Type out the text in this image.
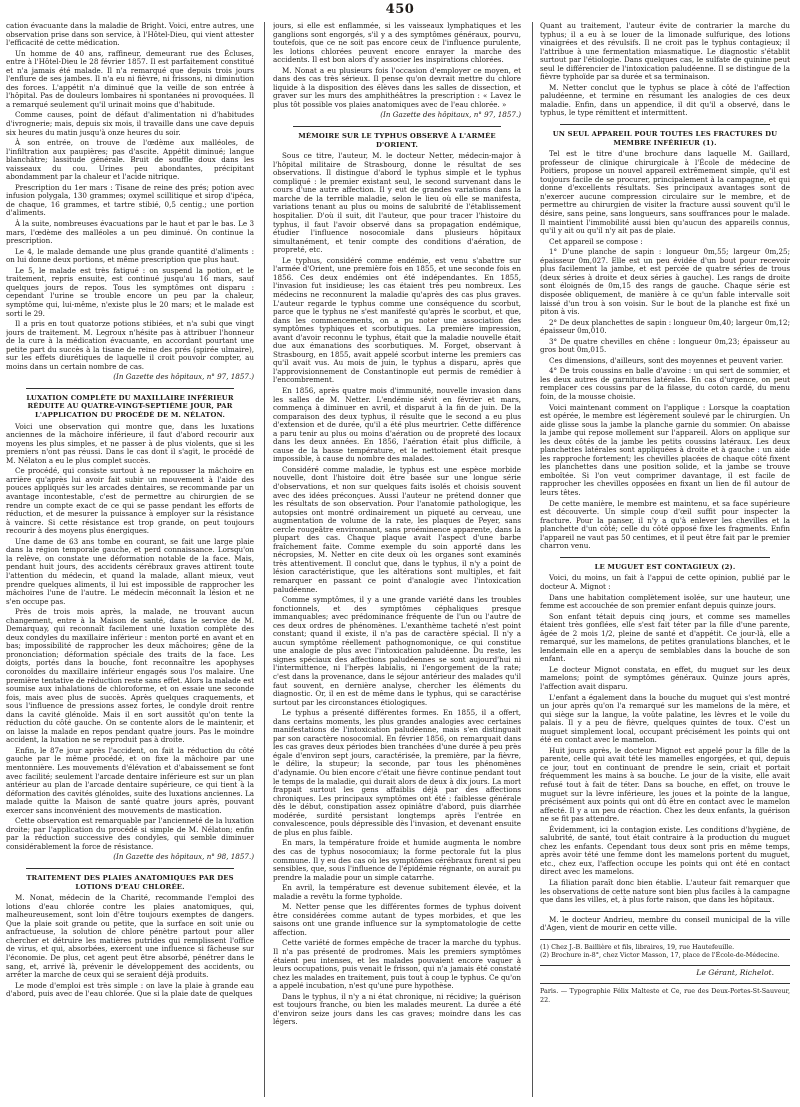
450

cation évacuante dans la maladie de Bright. Voici, entre autres, une observation prise dans son service, à l'Hôtel-Dieu, qui vient attester l'efficacité de cette médication.

Un homme de 40 ans, raffineur, demeurant rue des Écluses, entre à l'Hôtel-Dieu le 28 février 1857. Il est parfaitement constitué et n'a jamais été malade. Il n'a remarqué que depuis trois jours l'enflure de ses jambes. Il n'a eu ni fièvre, ni frissons, ni diminution des forces. L'appétit n'a diminué que la veille de son entrée à l'hôpital. Pas de douleurs lombaires ni spontanées ni provoquées. Il a remarqué seulement qu'il urinait moins que d'habitude.

Comme causes, point de défaut d'alimentation ni d'habitudes d'ivrognerie; mais, depuis six mois, il travaille dans une cave depuis six heures du matin jusqu'à onze heures du soir.

À son entrée, on trouve de l'œdème aux malléoles, de l'infiltration aux paupières; pas d'ascite. Appétit diminué; langue blanchâtre; lassitude générale. Bruit de souffle doux dans les vaisseaux du cou. Urines peu abondantes, précipitant abondamment par la chaleur et l'acide nitrique.

Prescription du 1er mars : Tisane de reine des prés; potion avec infusion polygala, 130 grammes; oxymel scillitique et sirop d'ipéca, de chaque, 16 grammes, et tartre stibié, 0,5 centig.; une portion d'aliments.

À la suite, nombreuses évacuations par le haut et par le bas. Le 3 mars, l'œdème des malléoles a un peu diminué. On continue la prescription.

Le 4, le malade demande une plus grande quantité d'aliments : on lui donne deux portions, et même prescription que plus haut.

Le 5, le malade est très fatigué : on suspend la potion, et le traitement, repris ensuite, est continué jusqu'au 16 mars, sauf quelques jours de repos. Tous les symptômes ont disparu : cependant l'urine se trouble encore un peu par la chaleur, symptôme qui, lui-même, n'existe plus le 20 mars; et le malade est sorti le 29.

Il a pris en tout quatorze potions stibiées, et n'a subi que vingt jours de traitement. M. Legroux n'hésite pas à attribuer l'honneur de la cure à la médication évacuante, en accordant pourtant une petite part du succès à la tisane de reine des prés (spirée ulmaire), sur les effets diurétiques de laquelle il croit pouvoir compter, au moins dans un certain nombre de cas.

(In Gazette des hôpitaux, n° 97, 1857.)

LUXATION COMPLÈTE DU MAXILLAIRE INFÉRIEUR RÉDUITE AU QUATRE-VINGT-SEPTIÈME JOUR, PAR L'APPLICATION DU PROCÉDÉ DE M. NÉLATON.

Voici une observation qui montre que, dans les luxations anciennes de la mâchoire inférieure, il faut d'abord recourir aux moyens les plus simples, et ne passer à de plus violents, que si les premiers n'ont pas réussi. Dans le cas dont il s'agit, le procédé de M. Nélaton a eu le plus complet succès.

Ce procédé, qui consiste surtout à ne repousser la mâchoire en arrière qu'après lui avoir fait subir un mouvement à l'aide des pouces appliqués sur les arcades dentaires, se recommande par un avantage incontestable, c'est de permettre au chirurgien de se rendre un compte exact de ce qui se passe pendant les efforts de réduction, et de mesurer la puissance à employer sur la résistance à vaincre. Si cette résistance est trop grande, on peut toujours recourir à des moyens plus énergiques.

Une dame de 63 ans tombe en courant, se fait une large plaie dans la région temporale gauche, et perd connaissance. Lorsqu'on la relève, on constate une déformation notable de la face. Mais, pendant huit jours, des accidents cérébraux graves attirent toute l'attention du médecin, et quand la malade, allant mieux, veut prendre quelques aliments, il lui est impossible de rapprocher les mâchoires l'une de l'autre. Le médecin méconnaît la lésion et ne s'en occupe pas.

Près de trois mois après, la malade, ne trouvant aucun changement, entre à la Maison de santé, dans le service de M. Demarquay, qui reconnaît facilement une luxation complète des deux condyles du maxillaire inférieur : menton porté en avant et en bas; impossibilité de rapprocher les deux mâchoires; gêne de la prononciation; déformation spéciale des traits de la face. Les doigts, portés dans la bouche, font reconnaître les apophyses coronoïdes du maxillaire inférieur engagés sous l'os malaire. Une première tentative de réduction reste sans effet. Alors la malade est soumise aux inhalations de chloroforme, et on essaie une seconde fois, mais avec plus de succès. Après quelques craquements, et sous l'influence de pressions assez fortes, le condyle droit rentre dans la cavité glénoïde. Mais il en sort aussitôt qu'on tente la réduction du côté gauche. On se contente alors de le maintenir, et on laisse la malade en repos pendant quatre jours. Pas le moindre accident, la luxation ne se reproduit pas à droite.

Enfin, le 87e jour après l'accident, on fait la réduction du côté gauche par le même procédé, et on fixe la mâchoire par une mentonnière. Les mouvements d'élévation et d'abaissement se font avec facilité; seulement l'arcade dentaire inférieure est sur un plan antérieur au plan de l'arcade dentaire supérieure, ce qui tient à la déformation des cavités glénoïdes, suite des luxations anciennes. La malade quitte la Maison de santé quatre jours après, pouvant exercer sans inconvénient des mouvements de mastication.

Cette observation est remarquable par l'ancienneté de la luxation droite; par l'application du procédé si simple de M. Nélaton; enfin par la réduction successive des condyles, qui semble diminuer considérablement la force de résistance.

(In Gazette des hôpitaux, n° 98, 1857.)

TRAITEMENT DES PLAIES ANATOMIQUES PAR DES LOTIONS D'EAU CHLORÉE.

M. Nonat, médecin de la Charité, recommande l'emploi des lotions d'eau chlorée contre les plaies anatomiques, qui, malheureusement, sont loin d'être toujours exemptes de dangers. Que la plaie soit grande ou petite, que la surface en soit unie ou anfractueuse, la solution de chlore pénètre partout pour aller chercher et détruire les matières putrides qui remplissent l'office de virus, et qui, absorbées, exercent une influence si fâcheuse sur l'économie. De plus, cet agent peut être absorbé, pénétrer dans le sang, et, arrivé là, prévenir le développement des accidents, ou arrêter la marche de ceux qui se seraient déjà produits.

Le mode d'emploi est très simple : on lave la plaie à grande eau d'abord, puis avec de l'eau chlorée. Que si la plaie date de quelques

jours, si elle est enflammée, si les vaisseaux lymphatiques et les ganglions sont engorgés, s'il y a des symptômes généraux, pourvu, toutefois, que ce ne soit pas encore ceux de l'influence purulente, les lotions chlorées peuvent encore enrayer la marche des accidents. Il est bon alors d'y associer les inspirations chlorées.

M. Nonat a eu plusieurs fois l'occasion d'employer ce moyen, et dans des cas très sérieux. Il pense qu'on devrait mettre du chlore liquide à la disposition des élèves dans les salles de dissection, et graver sur les murs des amphithéâtres la prescription : « Lavez le plus tôt possible vos plaies anatomiques avec de l'eau chlorée. »

(In Gazette des hôpitaux, n° 97, 1857.)

MÉMOIRE SUR LE TYPHUS OBSERVÉ À L'ARMÉE D'ORIENT.

Sous ce titre, l'auteur, M. le docteur Netter, médecin-major à l'hôpital militaire de Strasbourg, donne le résultat de ses observations. Il distingue d'abord le typhus simple et le typhus compliqué : le premier existant seul, le second survenant dans le cours d'une autre affection. Il y eut de grandes variations dans la marche de la terrible maladie, selon le lieu où elle se manifesta, variations tenant au plus ou moins de salubrité de l'établissement hospitalier. D'où il suit, dit l'auteur, que pour tracer l'histoire du typhus, il faut l'avoir observé dans sa propagation endémique, étudier l'influence nosocomiale dans plusieurs hôpitaux simultanément, et tenir compte des conditions d'aération, de propreté, etc.

Le typhus, considéré comme endémie, est venu s'abattre sur l'armée d'Orient, une première fois en 1855, et une seconde fois en 1856. Ces deux endémies ont été indépendantes. En 1855, l'invasion fut insidieuse; les cas étaient très peu nombreux. Les médecins ne reconnurent la maladie qu'après des cas plus graves. L'auteur regarde le typhus comme une conséquence du scorbut, parce que le typhus ne s'est manifesté qu'après le scorbut, et que, dans les commencements, on a pu noter une association des symptômes typhiques et scorbutiques. La première impression, avant d'avoir reconnu le typhus, était que la maladie nouvelle était due aux émanations des scorbutiques. M. Forget, observant à Strasbourg, en 1855, avait appelé scorbut interne les premiers cas qu'il avait vus. Au mois de juin, le typhus a disparu, après que l'approvisionnement de Constantinople eut permis de remédier à l'encombrement.

En 1856, après quatre mois d'immunité, nouvelle invasion dans les salles de M. Netter. L'endémie sévit en février et mars, commença à diminuer en avril, et disparut à la fin de juin. De la comparaison des deux typhus, il résulte que le second a eu plus d'extension et de durée, qu'il a été plus meurtrier. Cette différence a paru tenir au plus ou moins d'aération ou de propreté des locaux dans les deux années. En 1856, l'aération était plus difficile, à cause de la basse température, et le nettoiement était presque impossible, à cause du nombre des malades.

Considéré comme maladie, le typhus est une espèce morbide nouvelle, dont l'histoire doit être basée sur une longue série d'observations, et non sur quelques faits isolés et choisis souvent avec des idées préconçues. Aussi l'auteur ne prétend donner que les résultats de son observation. Pour l'anatomie pathologique, les autopsies ont montré ordinairement un piqueté au cerveau, une augmentation de volume de la rate, les plaques de Peyer, sans cercle rougeâtre environnant, sans proéminence apparente, dans la plupart des cas. Chaque plaque avait l'aspect d'une barbe fraîchement faite. Comme exemple du soin apporté dans les nécropsies, M. Netter en cite deux où les organes sont examinés très attentivement. Il conclut que, dans le typhus, il n'y a point de lésion caractéristique, que les altérations sont multiples, et fait remarquer en passant ce point d'analogie avec l'intoxication paludéenne.

Comme symptômes, il y a une grande variété dans les troubles fonctionnels, et des symptômes céphaliques presque immanquables; avec prédominance fréquente de l'un ou l'autre de ces deux ordres de phénomènes. L'exanthème tacheté n'est point constant; quand il existe, il n'a pas de caractère spécial. Il n'y a aucun symptôme réellement pathognomonique, ce qui constitue une analogie de plus avec l'intoxication paludéenne. Du reste, les signes spéciaux des affections paludéennes se sont aujourd'hui ni l'intermittence, ni l'herpès labialis, ni l'engorgement de la rate; c'est dans la provenance, dans le séjour antérieur des malades qu'il faut souvent, en dernière analyse, chercher les éléments du diagnostic. Or, il en est de même dans le typhus, qui se caractérise surtout par les circonstances étiologiques.

Le typhus a présenté différentes formes. En 1855, il a offert, dans certains moments, les plus grandes analogies avec certaines manifestations de l'intoxication paludéenne, mais s'en distinguait par son caractère nosocomial. En février 1856, on remarquait dans les cas graves deux périodes bien tranchées d'une durée à peu près égale d'environ sept jours, caractérisée, la première, par la fièvre, le délire, la stupeur; la seconde, par tous les phénomènes d'adynamie. Ou bien encore c'était une fièvre continue pendant tout le temps de la maladie, qui durait alors de deux à dix jours. La mort frappait surtout les gens affaiblis déjà par des affections chroniques. Les principaux symptômes ont été : faiblesse générale dès le début, constipation assez opiniâtre d'abord, puis diarrhée modérée, surdité persistant longtemps après l'entrée en convalescence, pouls dépressible dès l'invasion, et devenant ensuite de plus en plus faible.

En mars, la température froide et humide augmenta le nombre des cas de typhus nosocomiaux; la forme pectorale fut la plus commune. Il y eu des cas où les symptômes cérébraux furent si peu sensibles, que, sous l'influence de l'épidémie régnante, on aurait pu prendre la maladie pour un simple catarrhe.

En avril, la température est devenue subitement élevée, et la maladie a revêtu la forme typhoïde.

M. Netter pense que les différentes formes de typhus doivent être considérées comme autant de types morbides, et que les saisons ont une grande influence sur la symptomatologie de cette affection.

Cette variété de formes empêche de tracer la marche du typhus. Il n'a pas présenté de prodromes. Mais les premiers symptômes étaient peu intenses, et les malades pouvaient encore vaquer à leurs occupations, puis venait le frisson, qui n'a jamais été constaté chez les malades en traitement, puis tout à coup le typhus. Ce qu'on a appelé incubation, n'est qu'une pure hypothèse.

Dans le typhus, il n'y a ni état chronique, ni récidive; la guérison est toujours franche, ou bien les malades meurent. La durée a été d'environ seize jours dans les cas graves; moindre dans les cas légers.

Quant au traitement, l'auteur évite de contrarier la marche du typhus; il a eu à se louer de la limonade sulfurique, des lotions vinaigrées et des révulsifs. Il ne croit pas le typhus contagieux; il l'attribue à une fermentation miasmatique. Le diagnostic s'établit surtout par l'étiologie. Dans quelques cas, le sulfate de quinine peut seul le différencier de l'intoxication paludéenne. Il se distingue de la fièvre typhoïde par sa durée et sa terminaison.

M. Netter conclut que le typhus se place à côté de l'affection paludéenne, et termine en résumant les analogies de ces deux maladie. Enfin, dans un appendice, il dit qu'il a observé, dans le typhus, le type rémittent et intermittent.

UN SEUL APPAREIL POUR TOUTES LES FRACTURES DU MEMBRE INFÉRIEUR (1).

Tel est le titre d'une brochure dans laquelle M. Gaillard, professeur de clinique chirurgicale à l'École de médecine de Poitiers, propose un nouvel appareil extrêmement simple, qu'il est toujours facile de se procurer, principalement à la campagne, et qui donne d'excellents résultats. Ses principaux avantages sont de n'exercer aucune compression circulaire sur le membre, et de permettre au chirurgien de visiter la fracture aussi souvent qu'il le désire, sans peine, sans longueurs, sans souffrances pour le malade. Il maintient l'immobilité aussi bien qu'aucun des appareils connus, qu'il y ait ou qu'il n'y ait pas de plaie.

Cet appareil se compose :

1° D'une planche de sapin : longueur 0m,55; largeur 0m,25; épaisseur 0m,027. Elle est un peu évidée d'un bout pour recevoir plus facilement la jambe, et est percée de quatre séries de trous (deux séries à droite et deux séries à gauche). Les rangs de droite sont éloignés de 0m,15 des rangs de gauche. Chaque série est disposée obliquement, de manière à ce qu'un fable intervalle soit laissé d'un trou à son voisin. Sur le bout de la planche est fixé un piton à vis.

2° De deux planchettes de sapin : longueur 0m,40; largeur 0m,12; épaisseur 0m,010.

3° De quatre chevilles en chêne : longueur 0m,23; épaisseur au gros bout 0m,015.

Ces dimensions, d'ailleurs, sont des moyennes et peuvent varier.

4° De trois coussins en balle d'avoine : un qui sert de sommier, et les deux autres de garnitures latérales. En cas d'urgence, on peut remplacer ces coussins par de la filasse, du coton cardé, du menu foin, de la mousse choisie.

Voici maintenant comment on l'applique : Lorsque la coaptation est opérée, le membre est légèrement soulevé par le chirurgien. Un aide glisse sous la jambe la planche garnie du sommier. On abaisse la jambe qui repose mollement sur l'appareil. Alors on applique sur les deux côtés de la jambe les petits coussins latéraux. Les deux planchettes latérales sont appliquées à droite et à gauche : un aide les rapproche fortement; les chevilles placées de chaque côté fixent les planchettes dans une position solide, et la jambe se trouve emboîtée. Si l'on veut comprimer davantage, il est facile de rapprocher les chevilles opposées en fixant un lien de fil autour de leurs têtes.

De cette manière, le membre est maintenu, et sa face supérieure est découverte. Un simple coup d'œil suffit pour inspecter la fracture. Pour la panser, il n'y a qu'à enlever les chevilles et la planchette d'un côté; celle du côté opposé fixe les fragments. Enfin l'appareil ne vaut pas 50 centimes, et il peut être fait par le premier charron venu.

LE MUGUET EST CONTAGIEUX (2).

Voici, du moins, un fait à l'appui de cette opinion, publié par le docteur A. Mignot :

Dans une habitation complètement isolée, sur une hauteur, une femme est accouchée de son premier enfant depuis quinze jours.

Son enfant tétait depuis cinq jours, et comme ses mamelles étaient très gonflées, elle s'est fait téter par la fille d'une parente, âgée de 2 mois 1/2, pleine de santé et d'appétit. Ce jour-là, elle a remarqué, sur les mamelons, de petites granulations blanches, et le lendemain elle en a aperçu de semblables dans la bouche de son enfant.

Le docteur Mignot constata, en effet, du muguet sur les deux mamelons; point de symptômes généraux. Quinze jours après, l'affection avait disparu.

L'enfant a également dans la bouche du muguet qui s'est montré un jour après qu'on l'a remarqué sur les mamelons de la mère, et qui siège sur la langue, la voûte palatine, les lèvres et le voile du palais. Il y a peu de fièvre, quelques quintes de toux. C'est un muguet simplement local, occupant précisément les points qui ont été en contact avec le mamelon.

Huit jours après, le docteur Mignot est appelé pour la fille de la parente, celle qui avait tété les mamelles engorgées, et qui, depuis ce jour, tout en continuant de prendre le sein, criait et portait fréquemment les mains à sa bouche. Le jour de la visite, elle avait refusé tout à fait de téter. Dans sa bouche, en effet, on trouve le muguet sur la lèvre inférieure, les joues et la pointe de la langue, précisément aux points qui ont dû être en contact avec le mamelon affecté. Il y a un peu de réaction. Chez les deux enfants, la guérison ne se fit pas attendre.

Évidemment, ici la contagion existe. Les conditions d'hygiène, de salubrité, de santé, tout était contraire à la production du muguet chez les enfants. Cependant tous deux sont pris en même temps, après avoir tété une femme dont les mamelons portent du muguet, etc., chez eux, l'affection occupe les points qui ont été en contact direct avec les mamelons.

La filiation paraît donc bien établie. L'auteur fait remarquer que les observations de cette nature sont bien plus faciles à la campagne que dans les villes, et, à plus forte raison, que dans les hôpitaux.

M. le docteur Andrieu, membre du conseil municipal de la ville d'Agen, vient de mourir en cette ville.

(1) Chez J.-B. Baillière et fils, libraires, 19, rue Hautefeuille.

(2) Brochure in-8°, chez Victor Masson, 17, place de l'École-de-Médecine.

Le Gérant, Richelot.

Paris. — Typographie Félix Malteste et Ce, rue des Deux-Portes-St-Sauveur, 22.
